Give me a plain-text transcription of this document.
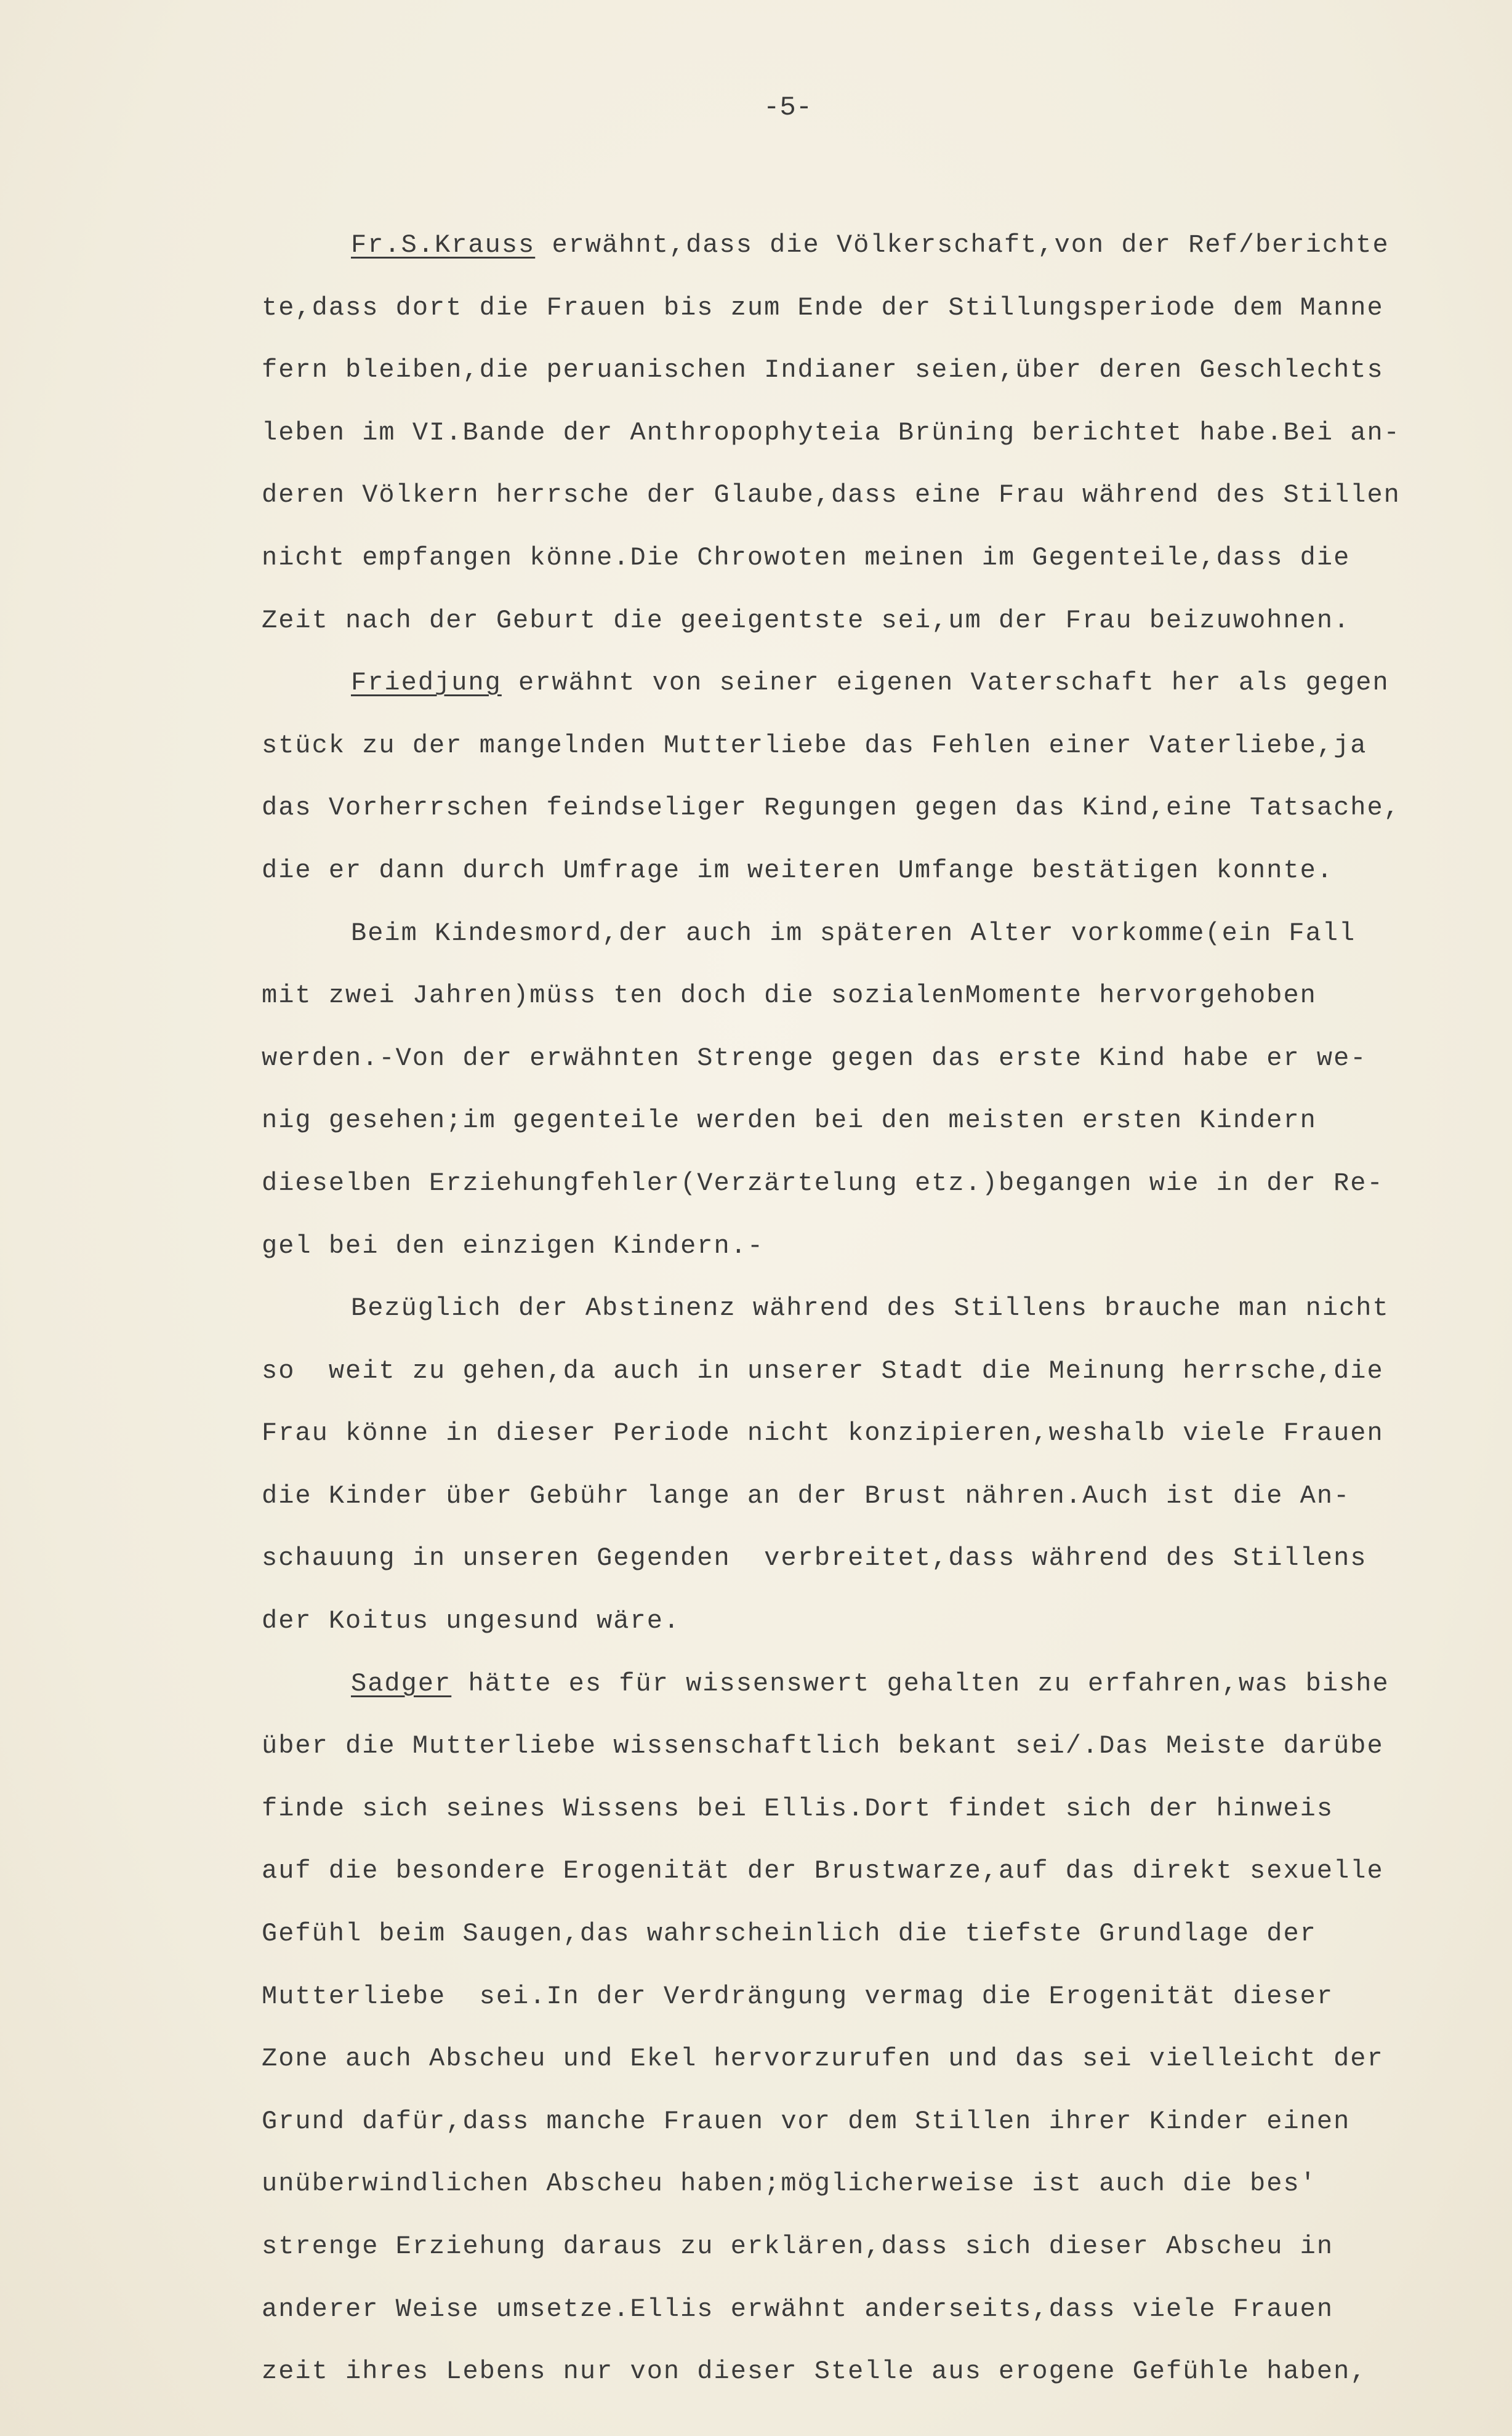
-5-
Fr.S.Krauss erwähnt,dass die Völkerschaft,von der Ref/berichte
te,dass dort die Frauen bis zum Ende der Stillungsperiode dem Manne
fern bleiben,die peruanischen Indianer seien,über deren Geschlechts
leben im VI.Bande der Anthropophyteia Brüning berichtet habe.Bei an-
deren Völkern herrsche der Glaube,dass eine Frau während des Stillen
nicht empfangen könne.Die Chrowoten meinen im Gegenteile,dass die
Zeit nach der Geburt die geeigentste sei,um der Frau beizuwohnen.
Friedjung erwähnt von seiner eigenen Vaterschaft her als gegen
stück zu der mangelnden Mutterliebe das Fehlen einer Vaterliebe,ja
das Vorherrschen feindseliger Regungen gegen das Kind,eine Tatsache,
die er dann durch Umfrage im weiteren Umfange bestätigen konnte.
Beim Kindesmord,der auch im späteren Alter vorkomme(ein Fall
mit zwei Jahren)müss ten doch die sozialenMomente hervorgehoben
werden.-Von der erwähnten Strenge gegen das erste Kind habe er we-
nig gesehen;im gegenteile werden bei den meisten ersten Kindern
dieselben Erziehungfehler(Verzärtelung etz.)begangen wie in der Re-
gel bei den einzigen Kindern.-
Bezüglich der Abstinenz während des Stillens brauche man nicht
so  weit zu gehen,da auch in unserer Stadt die Meinung herrsche,die
Frau könne in dieser Periode nicht konzipieren,weshalb viele Frauen
die Kinder über Gebühr lange an der Brust nähren.Auch ist die An-
schauung in unseren Gegenden  verbreitet,dass während des Stillens
der Koitus ungesund wäre.
Sadger hätte es für wissenswert gehalten zu erfahren,was bishe
über die Mutterliebe wissenschaftlich bekant sei/.Das Meiste darübe
finde sich seines Wissens bei Ellis.Dort findet sich der hinweis
auf die besondere Erogenität der Brustwarze,auf das direkt sexuelle
Gefühl beim Saugen,das wahrscheinlich die tiefste Grundlage der
Mutterliebe  sei.In der Verdrängung vermag die Erogenität dieser
Zone auch Abscheu und Ekel hervorzurufen und das sei vielleicht der
Grund dafür,dass manche Frauen vor dem Stillen ihrer Kinder einen
unüberwindlichen Abscheu haben;möglicherweise ist auch die bes'
strenge Erziehung daraus zu erklären,dass sich dieser Abscheu in
anderer Weise umsetze.Ellis erwähnt anderseits,dass viele Frauen
zeit ihres Lebens nur von dieser Stelle aus erogene Gefühle haben,
